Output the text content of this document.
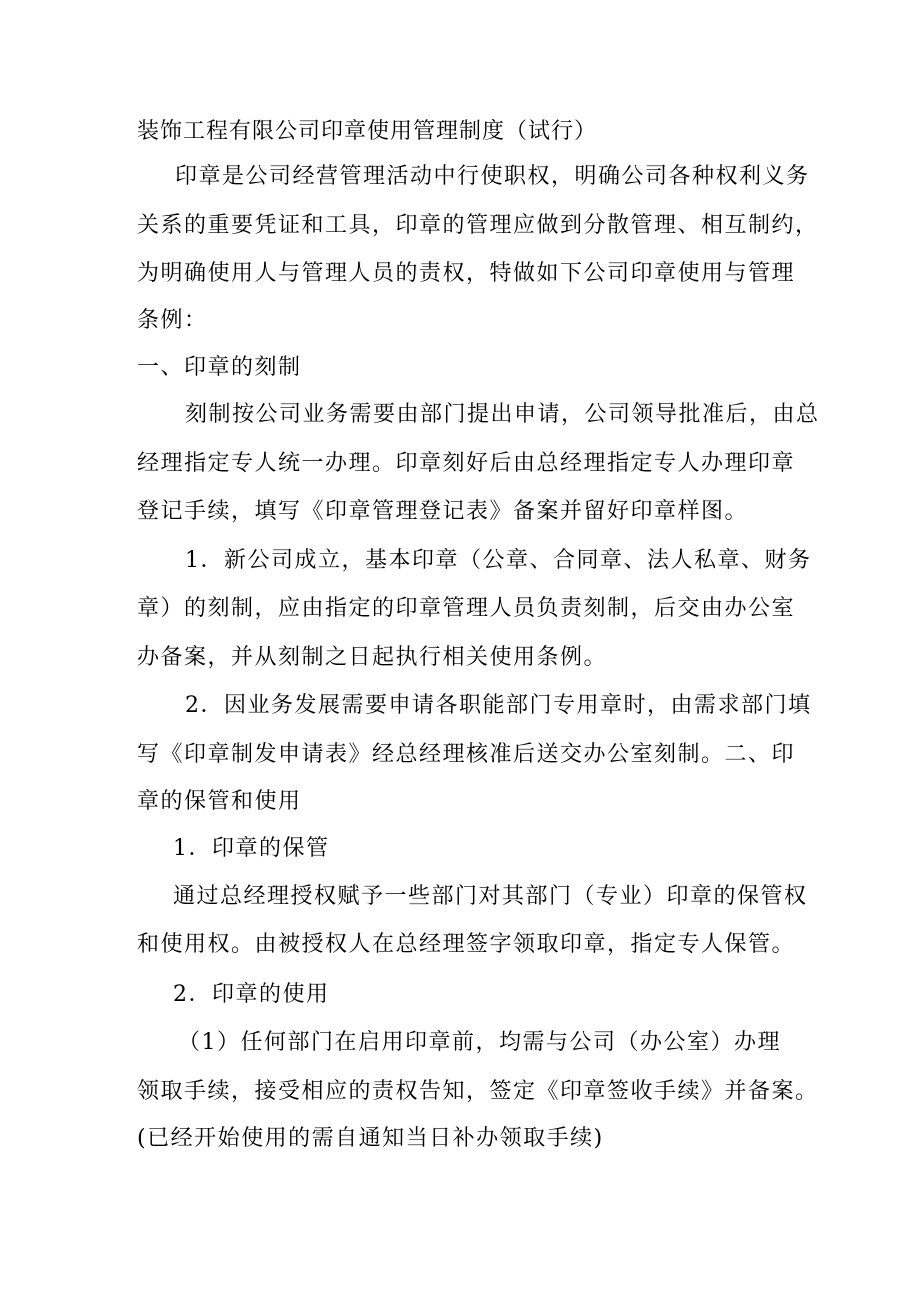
装饰工程有限公司印章使用管理制度（试行）
印章是公司经营管理活动中行使职权，明确公司各种权利义务
关系的重要凭证和工具，印章的管理应做到分散管理、相互制约，
为明确使用人与管理人员的责权，特做如下公司印章使用与管理
条例：
一、印章的刻制
刻制按公司业务需要由部门提出申请，公司领导批准后，由总
经理指定专人统一办理。印章刻好后由总经理指定专人办理印章
登记手续，填写《印章管理登记表》备案并留好印章样图。
1．新公司成立，基本印章（公章、合同章、法人私章、财务
章）的刻制，应由指定的印章管理人员负责刻制，后交由办公室
办备案，并从刻制之日起执行相关使用条例。
2．因业务发展需要申请各职能部门专用章时，由需求部门填
写《印章制发申请表》经总经理核准后送交办公室刻制。二、印
章的保管和使用
1．印章的保管
通过总经理授权赋予一些部门对其部门（专业）印章的保管权
和使用权。由被授权人在总经理签字领取印章，指定专人保管。
2．印章的使用
（1）任何部门在启用印章前，均需与公司（办公室）办理
领取手续，接受相应的责权告知，签定《印章签收手续》并备案。
(已经开始使用的需自通知当日补办领取手续)
